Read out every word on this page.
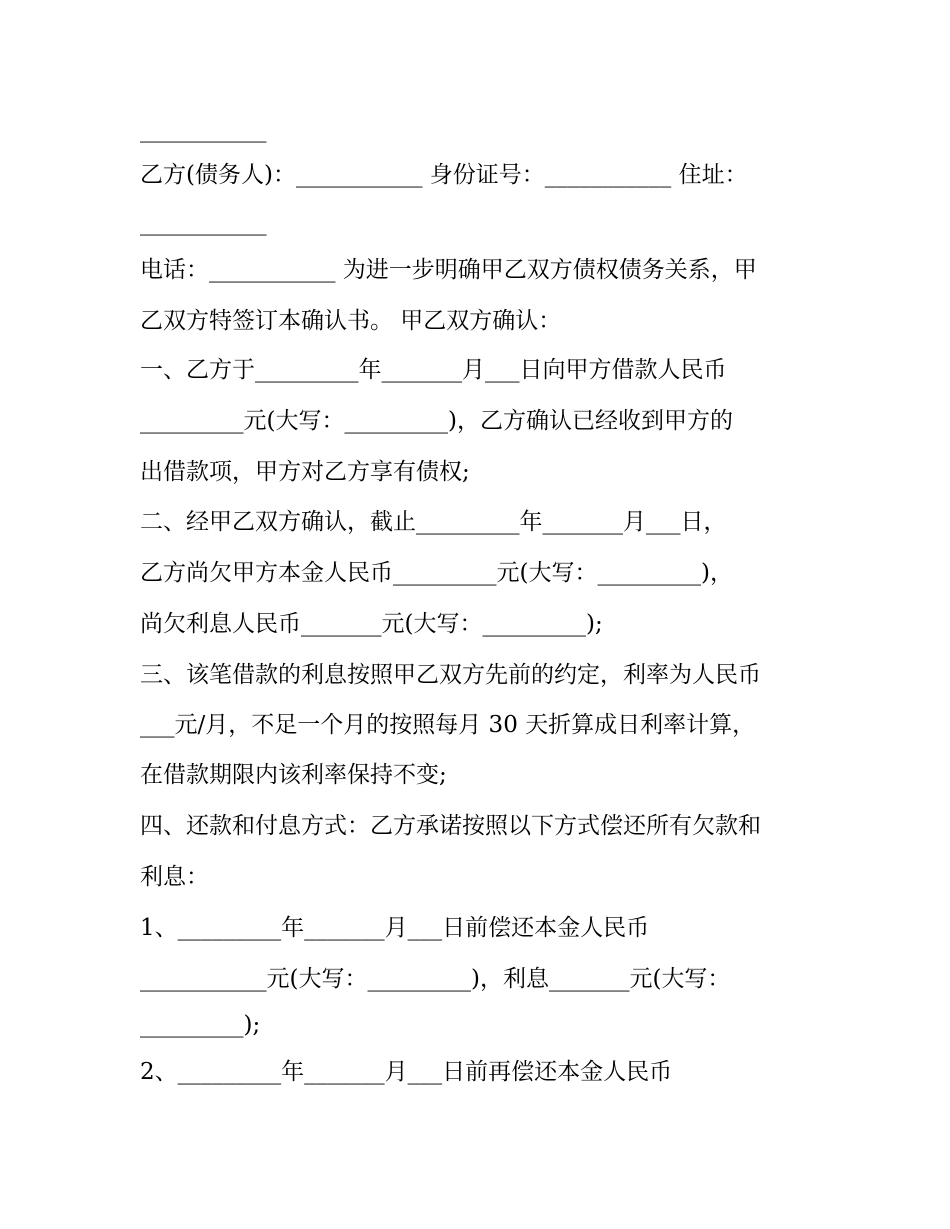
___________
乙方(债务人)：___________ 身份证号：___________ 住址：
___________
电话：___________ 为进一步明确甲乙双方债权债务关系，甲
乙双方特签订本确认书。 甲乙双方确认：
一、乙方于_________年_______月___日向甲方借款人民币
_________元(大写：_________)，乙方确认已经收到甲方的
出借款项，甲方对乙方享有债权;
二、经甲乙双方确认，截止_________年_______月___日，
乙方尚欠甲方本金人民币_________元(大写：_________)，
尚欠利息人民币_______元(大写：_________);
三、该笔借款的利息按照甲乙双方先前的约定，利率为人民币
___元/月，不足一个月的按照每月 30 天折算成日利率计算，
在借款期限内该利率保持不变;
四、还款和付息方式：乙方承诺按照以下方式偿还所有欠款和
利息：
1、_________年_______月___日前偿还本金人民币
___________元(大写：_________)，利息_______元(大写：
_________);
2、_________年_______月___日前再偿还本金人民币
